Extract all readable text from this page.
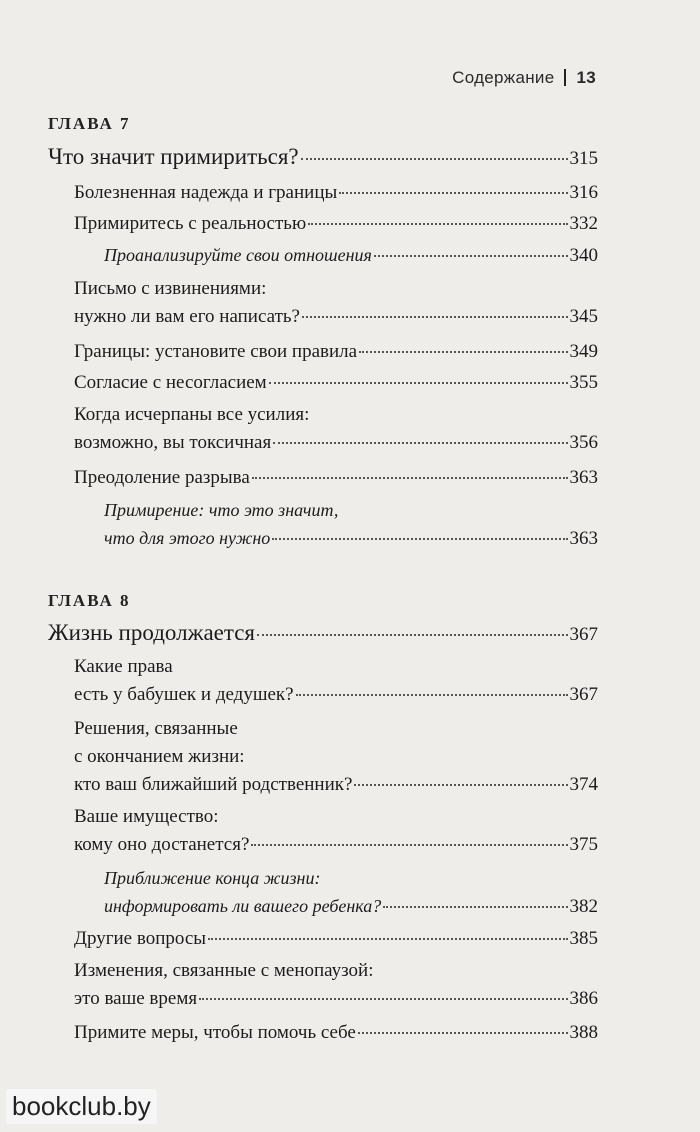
Содержание 13
ГЛАВА 7
Что значит примириться?	315
Болезненная надежда и границы	316
Примиритесь с реальностью	332
Проанализируйте свои отношения	340
Письмо с извинениями:
нужно ли вам его написать?	345
Границы: установите свои правила	349
Согласие с несогласием	355
Когда исчерпаны все усилия:
возможно, вы токсичная	356
Преодоление разрыва	363
Примирение: что это значит,
что для этого нужно	363
ГЛАВА 8
Жизнь продолжается	367
Какие права
есть у бабушек и дедушек?	367
Решения, связанные
с окончанием жизни:
кто ваш ближайший родственник?	374
Ваше имущество:
кому оно достанется?	375
Приближение конца жизни:
информировать ли вашего ребенка?	382
Другие вопросы	385
Изменения, связанные с менопаузой:
это ваше время	386
Примите меры, чтобы помочь себе	388
bookclub.by
